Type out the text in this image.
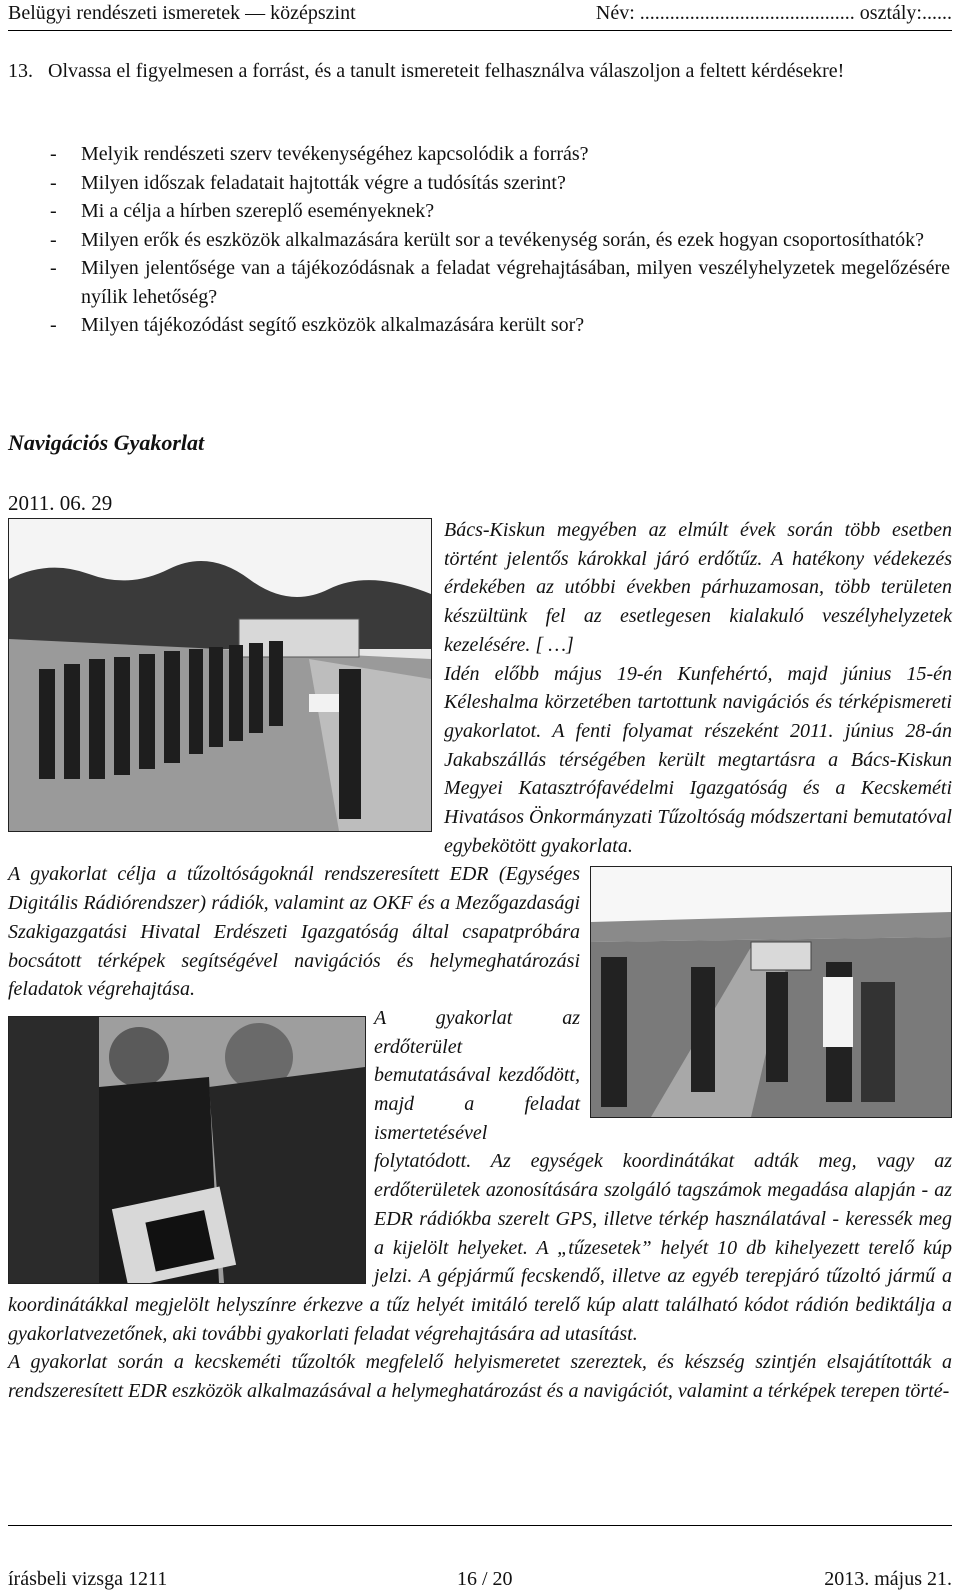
Belügyi rendészeti ismeretek — középszint	Név: ........................................... osztály:......
13. Olvassa el figyelmesen a forrást, és a tanult ismereteit felhasználva válaszoljon a feltett kérdésekre!
- Melyik rendészeti szerv tevékenységéhez kapcsolódik a forrás?
- Milyen időszak feladatait hajtották végre a tudósítás szerint?
- Mi a célja a hírben szereplő eseményeknek?
- Milyen erők és eszközök alkalmazására került sor a tevékenység során, és ezek hogyan csoportosíthatók?
- Milyen jelentősége van a tájékozódásnak a feladat végrehajtásában, milyen veszélyhelyzetek megelőzésére nyílik lehetőség?
- Milyen tájékozódást segítő eszközök alkalmazására került sor?
Navigációs Gyakorlat
2011. 06. 29

Bács-Kiskun megyében az elmúlt évek során több esetben történt jelentős károkkal járó erdőtűz. A hatékony védekezés érdekében az utóbbi években párhuzamosan, több területen készültünk fel az esetlegesen kialakuló veszélyhelyzetek kezelésére. [ …]

Idén előbb május 19-én Kunfehértó, majd június 15-én Kéleshalma körzetében tartottunk navigációs és térképismereti gyakorlatot. A fenti folyamat részeként 2011. június 28-án Jakabszállás térségében került megtartásra a Bács-Kiskun Megyei Katasztrófavédelmi Igazgatóság és a Kecskeméti Hivatásos Önkormányzati Tűzoltóság módszertani bemutatóval egybekötött gyakorlata.

A gyakorlat célja a tűzoltóságoknál rendszeresített EDR (Egységes Digitális Rádiórendszer) rádiók, valamint az OKF és a Mezőgazdasági Szakigazgatási Hivatal Erdészeti Igazgatóság által csapatpróbára bocsátott térképek segítségével navigációs és helymeghatározási feladatok végrehajtása.

A gyakorlat az erdőterület bemutatásával kezdődött, majd a feladat ismertetésével folytatódott. Az egységek koordinátákat adták meg, vagy az erdőterületek azonosítására szolgáló tagszámok megadása alapján - az EDR rádiókba szerelt GPS, illetve térkép használatával - keressék meg a kijelölt helyeket. A „tűzesetek” helyét 10 db kihelyezett terelő kúp jelzi. A gépjármű fecskendő, illetve az egyéb terepjáró tűzoltó jármű a koordinátákkal megjelölt helyszínre érkezve a tűz helyét imitáló terelő kúp alatt található kódot rádión bediktálja a gyakorlatvezetőnek, aki további gyakorlati feladat végrehajtására ad utasítást.

A gyakorlat során a kecskeméti tűzoltók megfelelő helyismeretet szereztek, és készség szintjén elsajátították a rendszeresített EDR eszközök alkalmazásával a helymeghatározást és a navigációt, valamint a térképek terepen törté-

írásbeli vizsga 1211	16 / 20	2013. május 21.
